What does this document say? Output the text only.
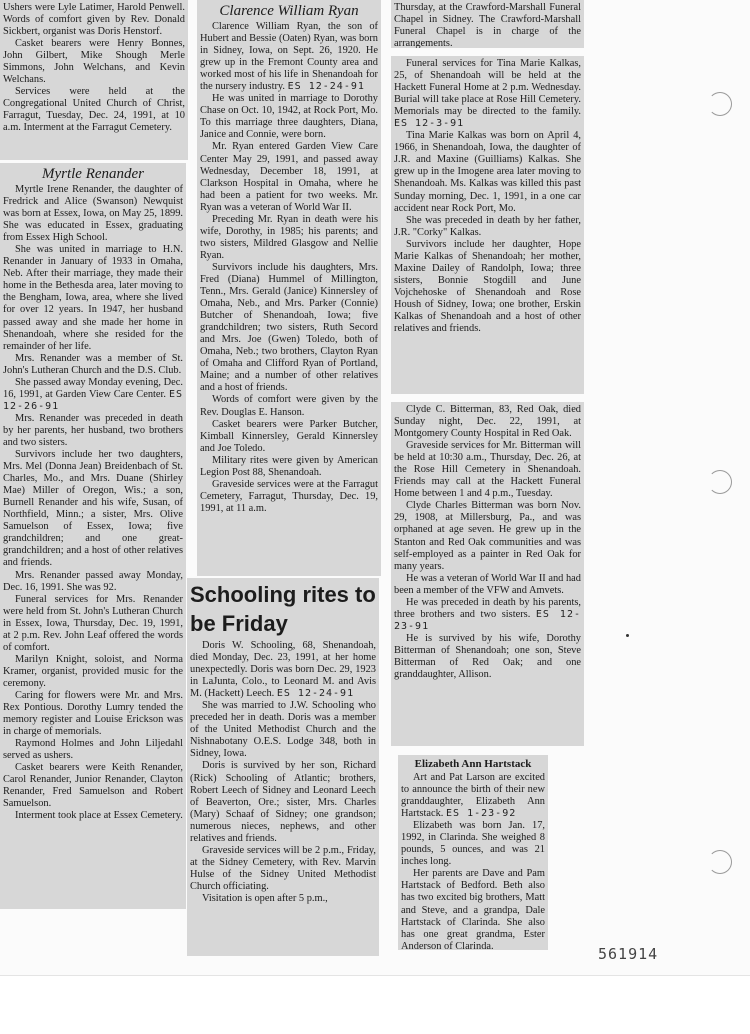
Ushers were Lyle Latimer, Harold Penwell. Words of comfort given by Rev. Donald Sickbert, organist was Doris Henstorf.

Casket bearers were Henry Bonnes, John Gilbert, Mike Shough Merle Simmons, John Welchans, and Kevin Welchans.

Services were held at the Congregational United Church of Christ, Farragut, Tuesday, Dec. 24, 1991, at 10 a.m. Interment at the Farragut Cemetery.

Myrtle Renander

Myrtle Irene Renander, the daughter of Fredrick and Alice (Swanson) Newquist was born at Essex, Iowa, on May 25, 1899. She was educated in Essex, graduating from Essex High School.

She was united in marriage to H.N. Renander in January of 1933 in Omaha, Neb. After their marriage, they made their home in the Bethesda area, later moving to the Bengham, Iowa, area, where she lived for over 12 years. In 1947, her husband passed away and she made her home in Shenandoah, where she resided for the remainder of her life.

Mrs. Renander was a member of St. John's Lutheran Church and the D.S. Club.

She passed away Monday evening, Dec. 16, 1991, at Garden View Care Center. ES 12-26-91

Mrs. Renander was preceded in death by her parents, her husband, two brothers and two sisters.

Survivors include her two daughters, Mrs. Mel (Donna Jean) Breidenbach of St. Charles, Mo., and Mrs. Duane (Shirley Mae) Miller of Oregon, Wis.; a son, Burnell Renander and his wife, Susan, of Northfield, Minn.; a sister, Mrs. Olive Samuelson of Essex, Iowa; five grandchildren; and one great-grandchildren; and a host of other relatives and friends.

Mrs. Renander passed away Monday, Dec. 16, 1991. She was 92.

Funeral services for Mrs. Renander were held from St. John's Lutheran Church in Essex, Iowa, Thursday, Dec. 19, 1991, at 2 p.m. Rev. John Leaf offered the words of comfort.

Marilyn Knight, soloist, and Norma Kramer, organist, provided music for the ceremony.

Caring for flowers were Mr. and Mrs. Rex Pontious. Dorothy Lumry tended the memory register and Louise Erickson was in charge of memorials.

Raymond Holmes and John Liljedahl served as ushers.

Casket bearers were Keith Renander, Carol Renander, Junior Renander, Clayton Renander, Fred Samuelson and Robert Samuelson.

Interment took place at Essex Cemetery.

Clarence William Ryan

Clarence William Ryan, the son of Hubert and Bessie (Oaten) Ryan, was born in Sidney, Iowa, on Sept. 26, 1920. He grew up in the Fremont County area and worked most of his life in Shenandoah for the nursery industry. ES 12-24-91

He was united in marriage to Dorothy Chase on Oct. 10, 1942, at Rock Port, Mo. To this marriage three daughters, Diana, Janice and Connie, were born.

Mr. Ryan entered Garden View Care Center May 29, 1991, and passed away Wednesday, December 18, 1991, at Clarkson Hospital in Omaha, where he had been a patient for two weeks. Mr. Ryan was a veteran of World War II.

Preceding Mr. Ryan in death were his wife, Dorothy, in 1985; his parents; and two sisters, Mildred Glasgow and Nellie Ryan.

Survivors include his daughters, Mrs. Fred (Diana) Hummel of Millington, Tenn., Mrs. Gerald (Janice) Kinnersley of Omaha, Neb., and Mrs. Parker (Connie) Butcher of Shenandoah, Iowa; five grandchildren; two sisters, Ruth Secord and Mrs. Joe (Gwen) Toledo, both of Omaha, Neb.; two brothers, Clayton Ryan of Omaha and Clifford Ryan of Portland, Maine; and a number of other relatives and a host of friends.

Words of comfort were given by the Rev. Douglas E. Hanson.

Casket bearers were Parker Butcher, Kimball Kinnersley, Gerald Kinnersley and Joe Toledo.

Military rites were given by American Legion Post 88, Shenandoah.

Graveside services were at the Farragut Cemetery, Farragut, Thursday, Dec. 19, 1991, at 11 a.m.

Schooling rites to be Friday

Doris W. Schooling, 68, Shenandoah, died Monday, Dec. 23, 1991, at her home unexpectedly. Doris was born Dec. 29, 1923 in LaJunta, Colo., to Leonard M. and Avis M. (Hackett) Leech. ES 12-24-91

She was married to J.W. Schooling who preceded her in death. Doris was a member of the United Methodist Church and the Nishnabotany O.E.S. Lodge 348, both in Sidney, Iowa.

Doris is survived by her son, Richard (Rick) Schooling of Atlantic; brothers, Robert Leech of Sidney and Leonard Leech of Beaverton, Ore.; sister, Mrs. Charles (Mary) Schaaf of Sidney; one grandson; numerous nieces, nephews, and other relatives and friends.

Graveside services will be 2 p.m., Friday, at the Sidney Cemetery, with Rev. Marvin Hulse of the Sidney United Methodist Church officiating.

Visitation is open after 5 p.m.,

Thursday, at the Crawford-Marshall Funeral Chapel in Sidney. The Crawford-Marshall Funeral Chapel is in charge of the arrangements.

Funeral services for Tina Marie Kalkas, 25, of Shenandoah will be held at the Hackett Funeral Home at 2 p.m. Wednesday. Burial will take place at Rose Hill Cemetery. Memorials may be directed to the family. ES 12-3-91

Tina Marie Kalkas was born on April 4, 1966, in Shenandoah, Iowa, the daughter of J.R. and Maxine (Guilliams) Kalkas. She grew up in the Imogene area later moving to Shenandoah. Ms. Kalkas was killed this past Sunday morning, Dec. 1, 1991, in a one car accident near Rock Port, Mo.

She was preceded in death by her father, J.R. "Corky" Kalkas.

Survivors include her daughter, Hope Marie Kalkas of Shenandoah; her mother, Maxine Dailey of Randolph, Iowa; three sisters, Bonnie Stogdill and June Vojchehoske of Shenandoah and Rose Housh of Sidney, Iowa; one brother, Erskin Kalkas of Shenandoah and a host of other relatives and friends.

Clyde C. Bitterman, 83, Red Oak, died Sunday night, Dec. 22, 1991, at Montgomery County Hospital in Red Oak.

Graveside services for Mr. Bitterman will be held at 10:30 a.m., Thursday, Dec. 26, at the Rose Hill Cemetery in Shenandoah. Friends may call at the Hackett Funeral Home between 1 and 4 p.m., Tuesday.

Clyde Charles Bitterman was born Nov. 29, 1908, at Millersburg, Pa., and was orphaned at age seven. He grew up in the Stanton and Red Oak communities and was self-employed as a painter in Red Oak for many years.

He was a veteran of World War II and had been a member of the VFW and Amvets.

He was preceded in death by his parents, three brothers and two sisters. ES 12-23-91

He is survived by his wife, Dorothy Bitterman of Shenandoah; one son, Steve Bitterman of Red Oak; and one granddaughter, Allison.

Elizabeth Ann Hartstack

Art and Pat Larson are excited to announce the birth of their new granddaughter, Elizabeth Ann Hartstack. ES 1-23-92

Elizabeth was born Jan. 17, 1992, in Clarinda. She weighed 8 pounds, 5 ounces, and was 21 inches long.

Her parents are Dave and Pam Hartstack of Bedford. Beth also has two excited big brothers, Matt and Steve, and a grandpa, Dale Hartstack of Clarinda. She also has one great grandma, Ester Anderson of Clarinda.	561914
